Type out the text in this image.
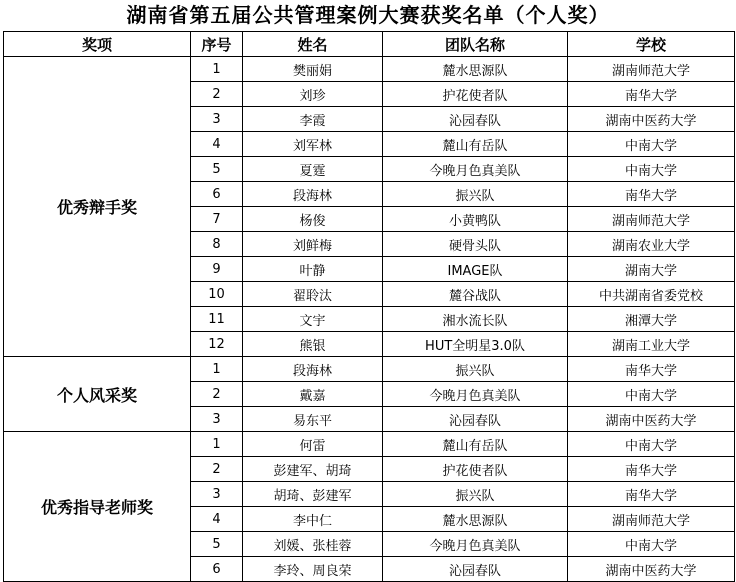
湖南省第五届公共管理案例大赛获奖名单（个人奖）
奖项	序号	姓名	团队名称	学校
优秀辩手奖	1	樊丽娟	麓水思源队	湖南师范大学
	2	刘珍	护花使者队	南华大学
	3	李霞	沁园春队	湖南中医药大学
	4	刘军林	麓山有岳队	中南大学
	5	夏霆	今晚月色真美队	中南大学
	6	段海林	振兴队	南华大学
	7	杨俊	小黄鸭队	湖南师范大学
	8	刘鲜梅	硬骨头队	湖南农业大学
	9	叶静	IMAGE队	湖南大学
	10	翟聆汰	麓谷战队	中共湖南省委党校
	11	文宇	湘水流长队	湘潭大学
	12	熊银	HUT全明星3.0队	湖南工业大学
个人风采奖	1	段海林	振兴队	南华大学
	2	戴嘉	今晚月色真美队	中南大学
	3	易东平	沁园春队	湖南中医药大学
优秀指导老师奖	1	何雷	麓山有岳队	中南大学
	2	彭建军、胡琦	护花使者队	南华大学
	3	胡琦、彭建军	振兴队	南华大学
	4	李中仁	麓水思源队	湖南师范大学
	5	刘媛、张桂蓉	今晚月色真美队	中南大学
	6	李玲、周良荣	沁园春队	湖南中医药大学
